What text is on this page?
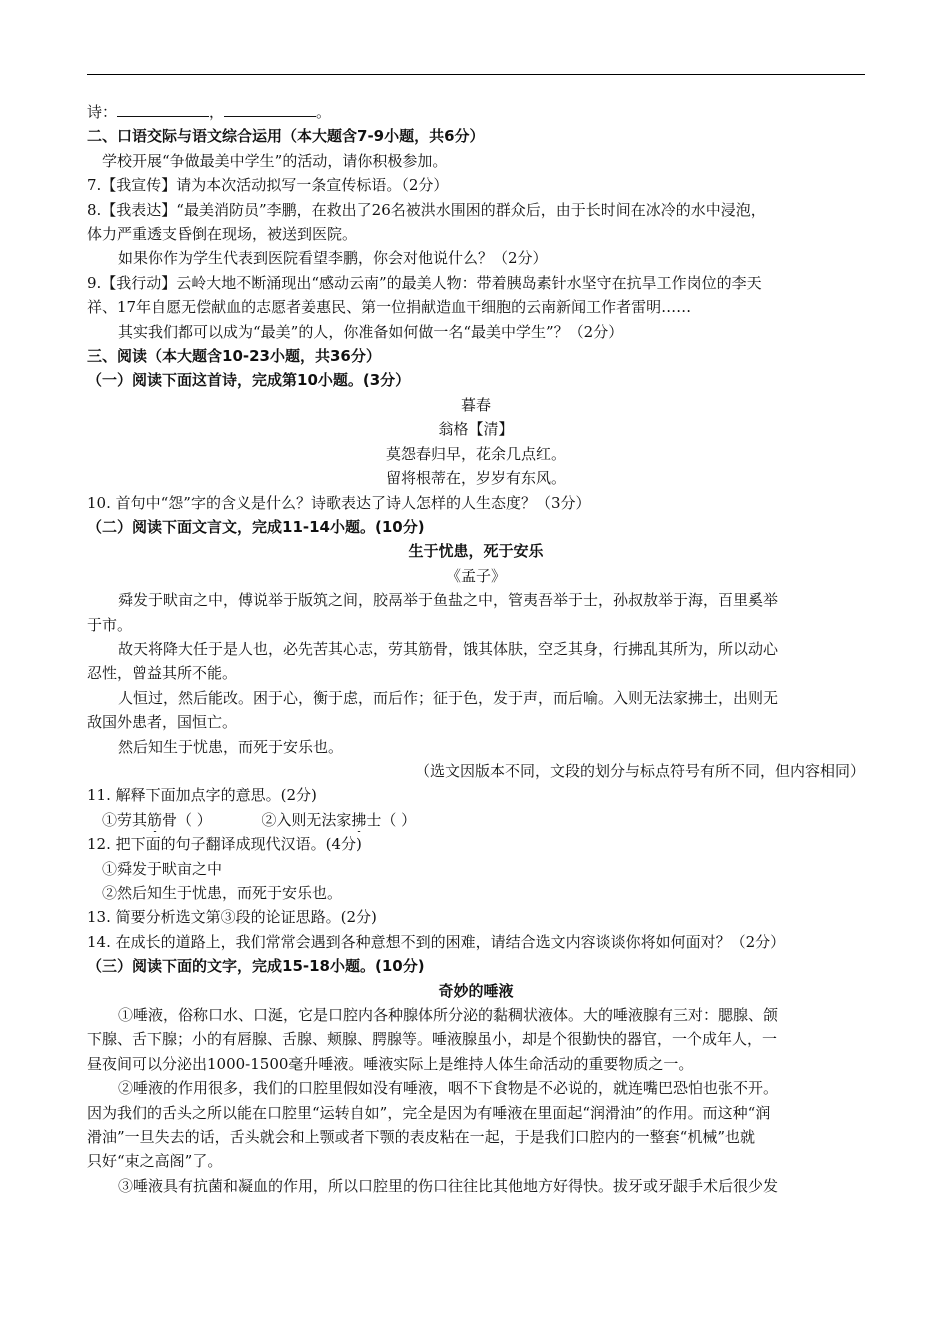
诗：	，	。
二、口语交际与语文综合运用（本大题含7-9小题，共6分）
学校开展“争做最美中学生”的活动，请你积极参加。
7.【我宣传】请为本次活动拟写一条宣传标语。（2分）
8.【我表达】“最美消防员”李鹏，在救出了26名被洪水围困的群众后，由于长时间在冰冷的水中浸泡，
体力严重透支昏倒在现场，被送到医院。
如果你作为学生代表到医院看望李鹏，你会对他说什么？（2分）
9.【我行动】云岭大地不断涌现出“感动云南”的最美人物：带着胰岛素针水坚守在抗旱工作岗位的李天
祥、17年自愿无偿献血的志愿者姜惠民、第一位捐献造血干细胞的云南新闻工作者雷明……
其实我们都可以成为“最美”的人，你准备如何做一名“最美中学生”？（2分）
三、阅读（本大题含10-23小题，共36分）
（一）阅读下面这首诗，完成第10小题。(3分）
暮春
翁格【清】
莫怨春归早，花余几点红。
留将根蒂在，岁岁有东风。
10. 首句中“怨”字的含义是什么？诗歌表达了诗人怎样的人生态度？（3分）
（二）阅读下面文言文，完成11-14小题。(10分)
生于忧患，死于安乐
《孟子》
舜发于畎亩之中，傅说举于版筑之间，胶鬲举于鱼盐之中，管夷吾举于士，孙叔敖举于海，百里奚举
于市。
故天将降大任于是人也，必先苦其心志，劳其筋骨，饿其体肤，空乏其身，行拂乱其所为，所以动心
忍性，曾益其所不能。
人恒过，然后能改。困于心，衡于虑，而后作；征于色，发于声，而后喻。入则无法家拂士，出则无
敌国外患者，国恒亡。
然后知生于忧患，而死于安乐也。
（选文因版本不同，文段的划分与标点符号有所不同，但内容相同）
11. 解释下面加点字的意思。(2分)
①劳其筋骨（ ）	②入则无法家拂士（ ）
12. 把下面的句子翻译成现代汉语。(4分)
①舜发于畎亩之中
②然后知生于忧患，而死于安乐也。
13. 简要分析选文第③段的论证思路。(2分)
14. 在成长的道路上，我们常常会遇到各种意想不到的困难，请结合选文内容谈谈你将如何面对？（2分）
（三）阅读下面的文字，完成15-18小题。(10分)
奇妙的唾液
①唾液，俗称口水、口涎，它是口腔内各种腺体所分泌的黏稠状液体。大的唾液腺有三对：腮腺、颌
下腺、舌下腺；小的有唇腺、舌腺、颊腺、腭腺等。唾液腺虽小，却是个很勤快的器官，一个成年人，一
昼夜间可以分泌出1000-1500毫升唾液。唾液实际上是维持人体生命活动的重要物质之一。
②唾液的作用很多，我们的口腔里假如没有唾液，咽不下食物是不必说的，就连嘴巴恐怕也张不开。
因为我们的舌头之所以能在口腔里“运转自如”，完全是因为有唾液在里面起“润滑油”的作用。而这种“润
滑油”一旦失去的话，舌头就会和上颚或者下颚的表皮粘在一起，于是我们口腔内的一整套“机械”也就
只好“束之高阁”了。
③唾液具有抗菌和凝血的作用，所以口腔里的伤口往往比其他地方好得快。拔牙或牙龈手术后很少发
